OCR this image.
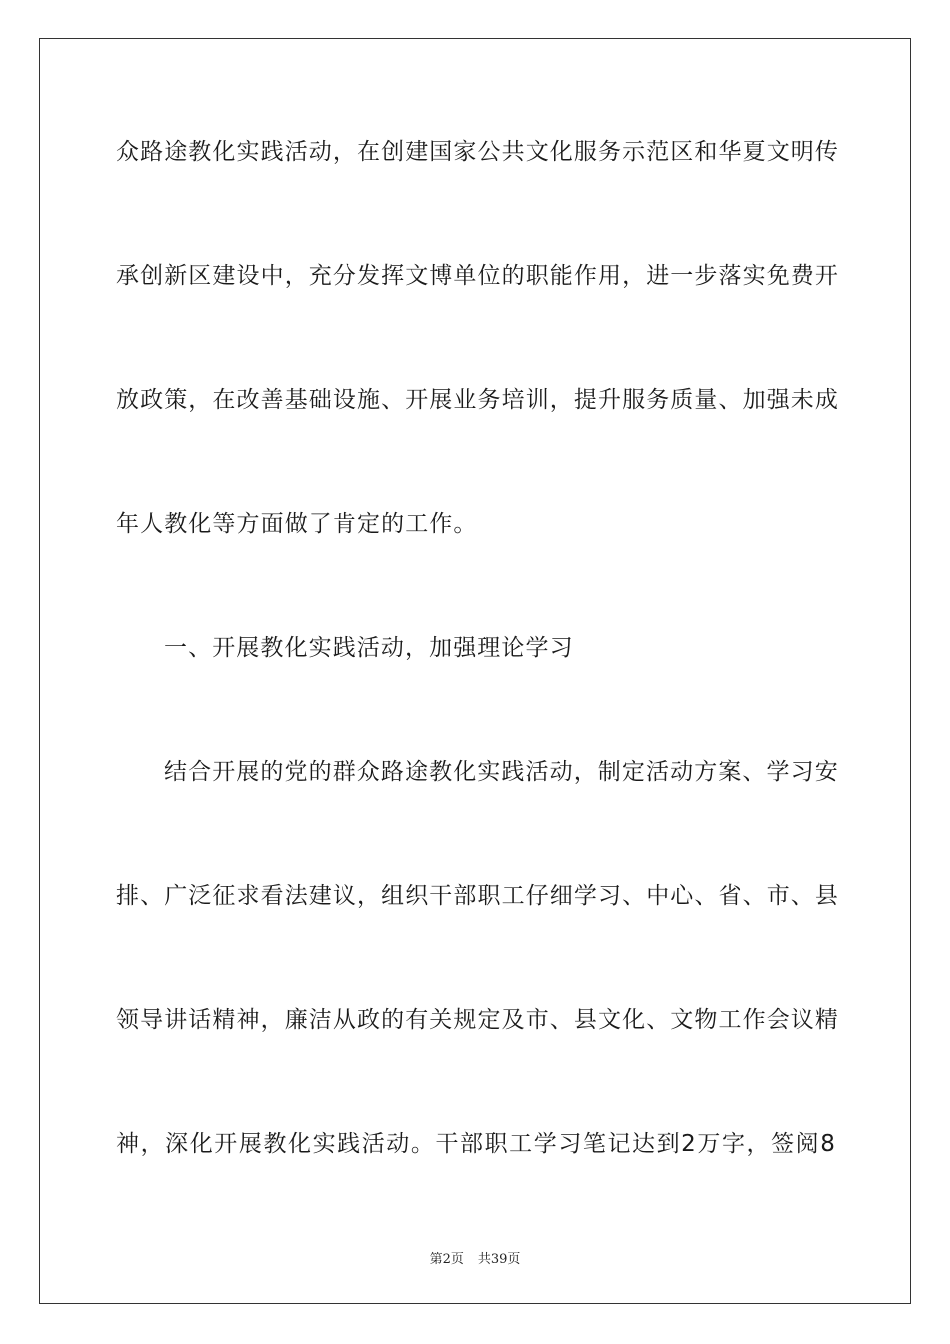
众路途教化实践活动，在创建国家公共文化服务示范区和华夏文明传

承创新区建设中，充分发挥文博单位的职能作用，进一步落实免费开

放政策，在改善基础设施、开展业务培训，提升服务质量、加强未成

年人教化等方面做了肯定的工作。

一、开展教化实践活动，加强理论学习

结合开展的党的群众路途教化实践活动，制定活动方案、学习安

排、广泛征求看法建议，组织干部职工仔细学习、中心、省、市、县

领导讲话精神，廉洁从政的有关规定及市、县文化、文物工作会议精

神，深化开展教化实践活动。干部职工学习笔记达到2万字，签阅8

第2页 共39页
